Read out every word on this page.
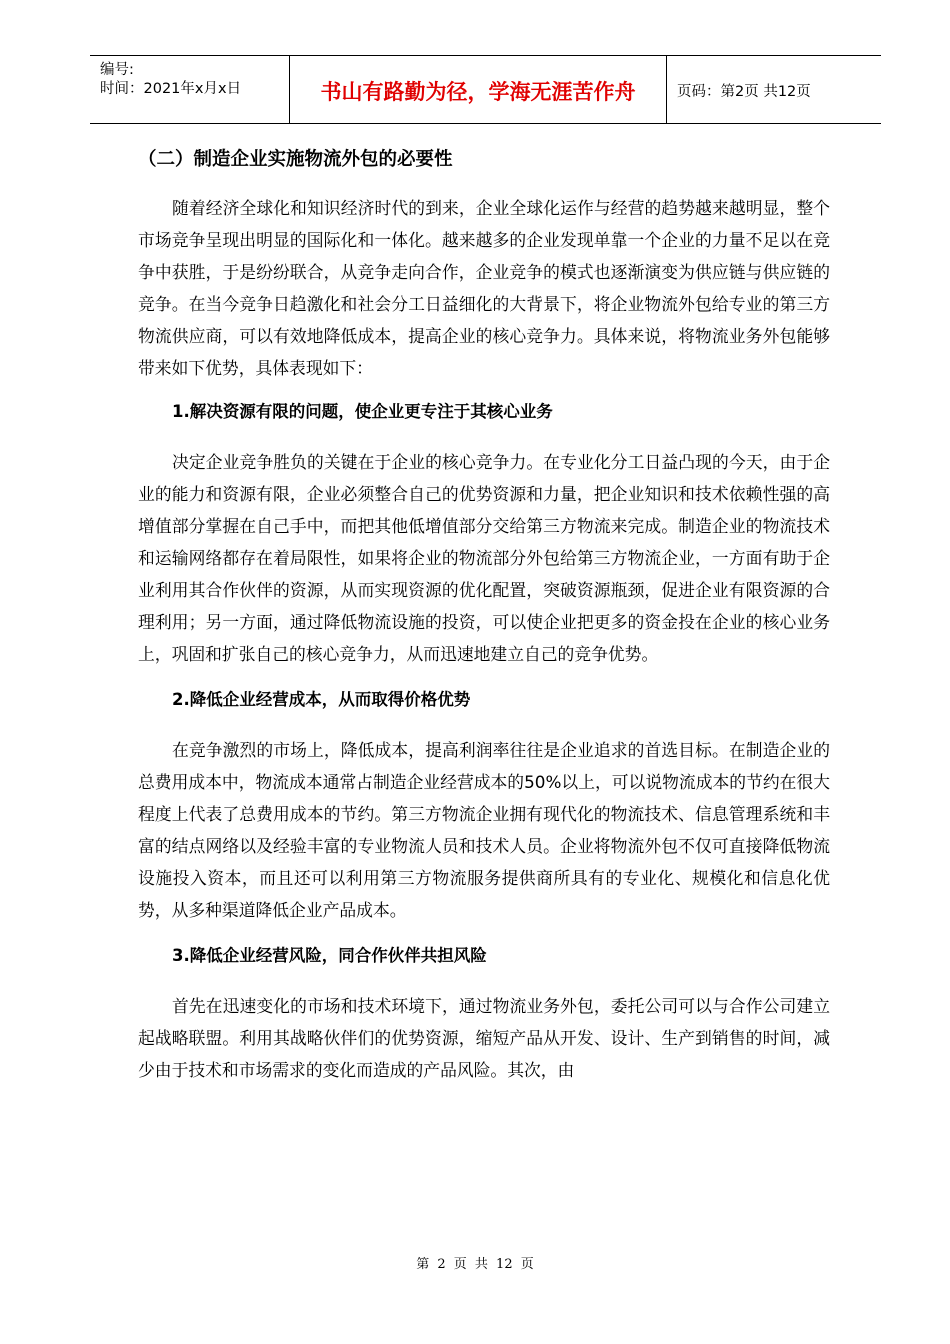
编号:
时间：2021年x月x日	书山有路勤为径，学海无涯苦作舟	页码：第2页 共12页
（二）制造企业实施物流外包的必要性

随着经济全球化和知识经济时代的到来，企业全球化运作与经营的趋势越来越明显，整个市场竞争呈现出明显的国际化和一体化。越来越多的企业发现单靠一个企业的力量不足以在竞争中获胜，于是纷纷联合，从竞争走向合作，企业竞争的模式也逐渐演变为供应链与供应链的竞争。在当今竞争日趋激化和社会分工日益细化的大背景下，将企业物流外包给专业的第三方物流供应商，可以有效地降低成本，提高企业的核心竞争力。具体来说，将物流业务外包能够带来如下优势，具体表现如下：

1.解决资源有限的问题，使企业更专注于其核心业务

决定企业竞争胜负的关键在于企业的核心竞争力。在专业化分工日益凸现的今天，由于企业的能力和资源有限，企业必须整合自己的优势资源和力量，把企业知识和技术依赖性强的高增值部分掌握在自己手中，而把其他低增值部分交给第三方物流来完成。制造企业的物流技术和运输网络都存在着局限性，如果将企业的物流部分外包给第三方物流企业，一方面有助于企业利用其合作伙伴的资源，从而实现资源的优化配置，突破资源瓶颈，促进企业有限资源的合理利用；另一方面，通过降低物流设施的投资，可以使企业把更多的资金投在企业的核心业务上，巩固和扩张自己的核心竞争力，从而迅速地建立自己的竞争优势。

2.降低企业经营成本，从而取得价格优势

在竞争激烈的市场上，降低成本，提高利润率往往是企业追求的首选目标。在制造企业的总费用成本中，物流成本通常占制造企业经营成本的50%以上，可以说物流成本的节约在很大程度上代表了总费用成本的节约。第三方物流企业拥有现代化的物流技术、信息管理系统和丰富的结点网络以及经验丰富的专业物流人员和技术人员。企业将物流外包不仅可直接降低物流设施投入资本，而且还可以利用第三方物流服务提供商所具有的专业化、规模化和信息化优势，从多种渠道降低企业产品成本。

3.降低企业经营风险，同合作伙伴共担风险

首先在迅速变化的市场和技术环境下，通过物流业务外包，委托公司可以与合作公司建立起战略联盟。利用其战略伙伴们的优势资源，缩短产品从开发、设计、生产到销售的时间，减少由于技术和市场需求的变化而造成的产品风险。其次，由

第 2 页 共 12 页
